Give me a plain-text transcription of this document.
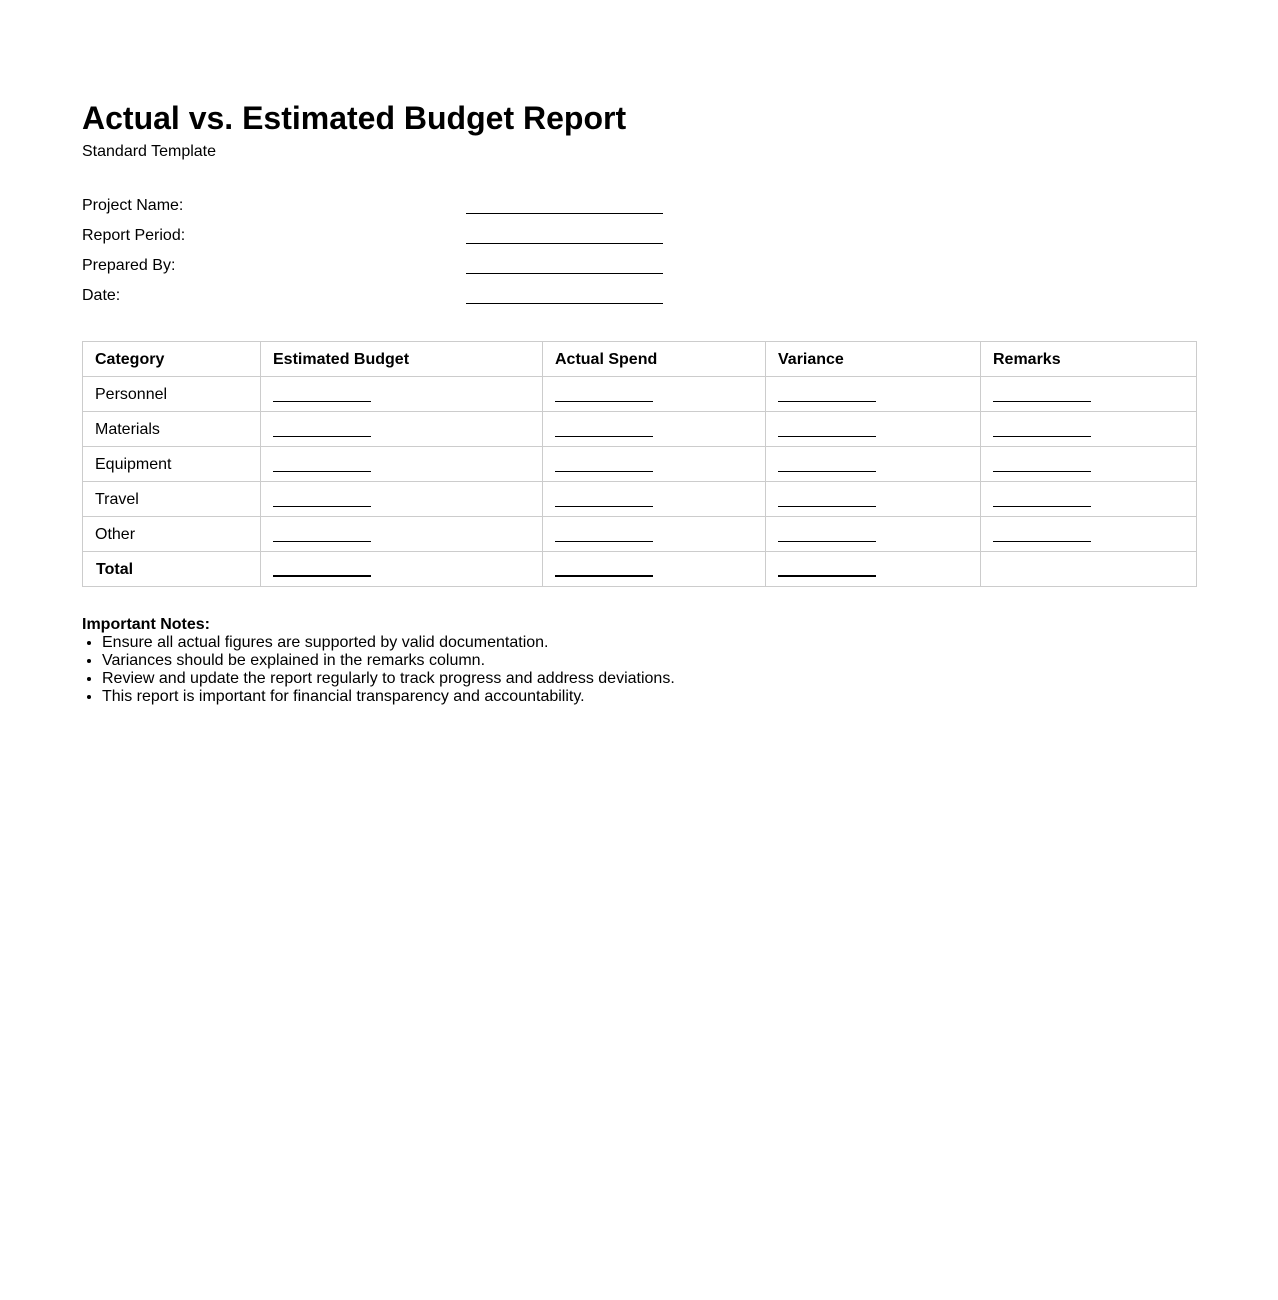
Actual vs. Estimated Budget Report
Standard Template
Project Name:
Report Period:
Prepared By:
Date:
Category	Estimated Budget	Actual Spend	Variance	Remarks
Personnel				
Materials				
Equipment				
Travel				
Other				
Total				
Important Notes:
• Ensure all actual figures are supported by valid documentation.
• Variances should be explained in the remarks column.
• Review and update the report regularly to track progress and address deviations.
• This report is important for financial transparency and accountability.
